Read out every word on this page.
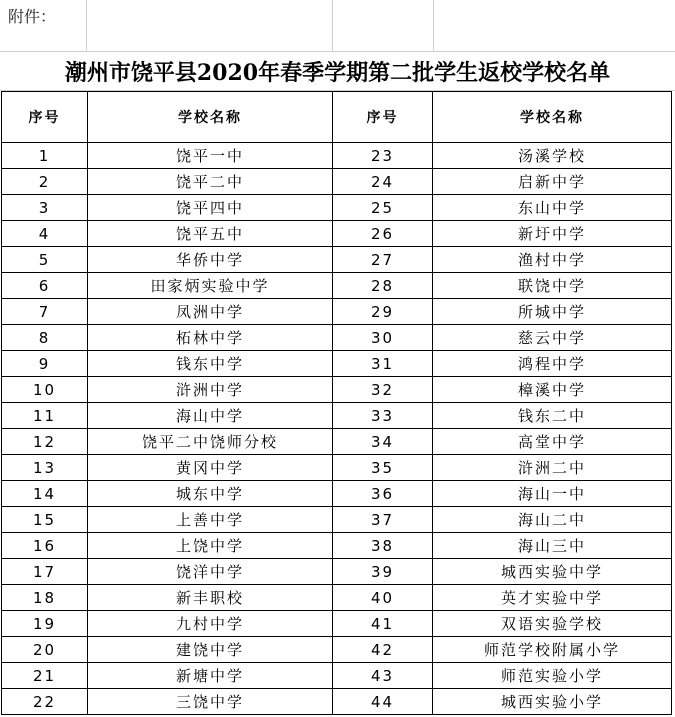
附件：
潮州市饶平县2020年春季学期第二批学生返校学校名单
序号	学校名称	序号	学校名称
1	饶平一中	23	汤溪学校
2	饶平二中	24	启新中学
3	饶平四中	25	东山中学
4	饶平五中	26	新圩中学
5	华侨中学	27	渔村中学
6	田家炳实验中学	28	联饶中学
7	凤洲中学	29	所城中学
8	柘林中学	30	慈云中学
9	钱东中学	31	鸿程中学
10	浒洲中学	32	樟溪中学
11	海山中学	33	钱东二中
12	饶平二中饶师分校	34	高堂中学
13	黄冈中学	35	浒洲二中
14	城东中学	36	海山一中
15	上善中学	37	海山二中
16	上饶中学	38	海山三中
17	饶洋中学	39	城西实验中学
18	新丰职校	40	英才实验中学
19	九村中学	41	双语实验学校
20	建饶中学	42	师范学校附属小学
21	新塘中学	43	师范实验小学
22	三饶中学	44	城西实验小学
